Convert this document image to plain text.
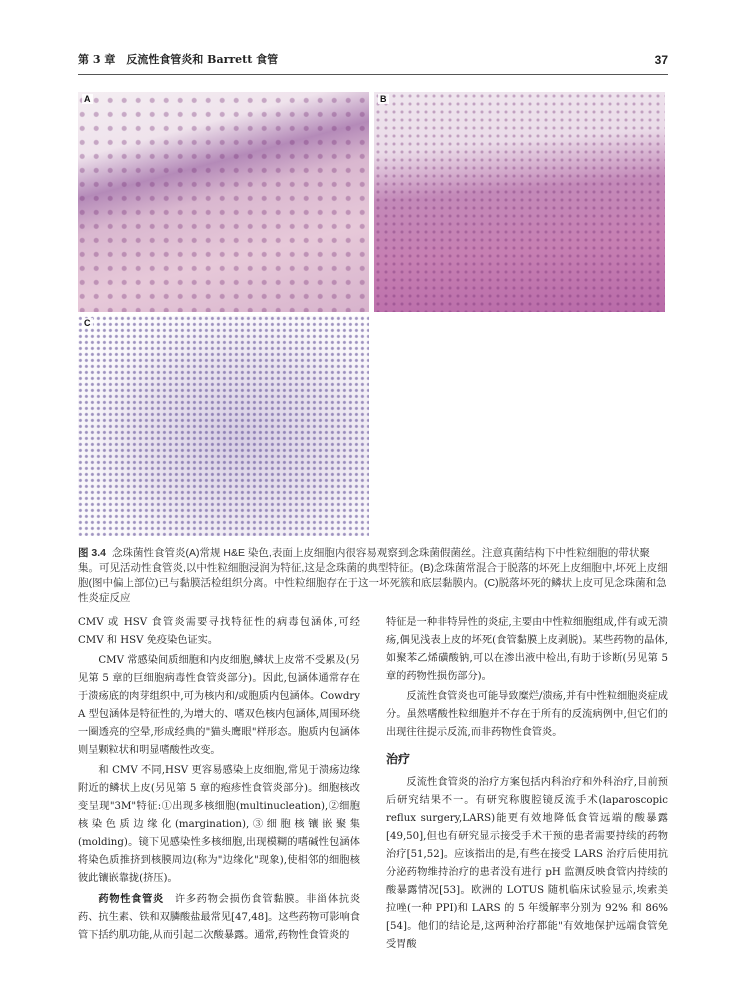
第 3 章　反流性食管炎和 Barrett 食管	37
A	B
C
图 3.4 念珠菌性食管炎(A)常规 H&E 染色,表面上皮细胞内很容易观察到念珠菌假菌丝。注意真菌结构下中性粒细胞的带状聚集。可见活动性食管炎,以中性粒细胞浸润为特征,这是念珠菌的典型特征。(B)念珠菌常混合于脱落的坏死上皮细胞中,坏死上皮细胞(图中偏上部位)已与黏膜活检组织分离。中性粒细胞存在于这一坏死簇和底层黏膜内。(C)脱落坏死的鳞状上皮可见念珠菌和急性炎症反应

CMV 或 HSV 食管炎需要寻找特征性的病毒包涵体,可经 CMV 和 HSV 免疫染色证实。

CMV 常感染间质细胞和内皮细胞,鳞状上皮常不受累及(另见第 5 章的巨细胞病毒性食管炎部分)。因此,包涵体通常存在于溃疡底的肉芽组织中,可为核内和/或胞质内包涵体。Cowdry A 型包涵体是特征性的,为增大的、嗜双色核内包涵体,周围环绕一圈透亮的空晕,形成经典的"猫头鹰眼"样形态。胞质内包涵体则呈颗粒状和明显嗜酸性改变。

和 CMV 不同,HSV 更容易感染上皮细胞,常见于溃疡边缘附近的鳞状上皮(另见第 5 章的疱疹性食管炎部分)。细胞核改变呈现"3M"特征:①出现多核细胞(multinucleation),②细胞核染色质边缘化(margination),③细胞核镶嵌聚集(molding)。镜下见感染性多核细胞,出现模糊的嗜碱性包涵体将染色质推挤到核膜周边(称为"边缘化"现象),使相邻的细胞核彼此镶嵌靠拢(挤压)。

药物性食管炎　许多药物会损伤食管黏膜。非甾体抗炎药、抗生素、铁和双膦酸盐最常见[47,48]。这些药物可影响食管下括约肌功能,从而引起二次酸暴露。通常,药物性食管炎的

特征是一种非特异性的炎症,主要由中性粒细胞组成,伴有或无溃疡,偶见浅表上皮的坏死(食管黏膜上皮剥脱)。某些药物的晶体,如聚苯乙烯磺酸钠,可以在渗出液中检出,有助于诊断(另见第 5 章的药物性损伤部分)。

反流性食管炎也可能导致糜烂/溃疡,并有中性粒细胞炎症成分。虽然嗜酸性粒细胞并不存在于所有的反流病例中,但它们的出现往往提示反流,而非药物性食管炎。

治疗

反流性食管炎的治疗方案包括内科治疗和外科治疗,目前预后研究结果不一。有研究称腹腔镜反流手术(laparoscopic reflux surgery,LARS)能更有效地降低食管远端的酸暴露[49,50],但也有研究显示接受手术干预的患者需要持续的药物治疗[51,52]。应该指出的是,有些在接受 LARS 治疗后使用抗分泌药物维持治疗的患者没有进行 pH 监测反映食管内持续的酸暴露情况[53]。欧洲的 LOTUS 随机临床试验显示,埃索美拉唑(一种 PPI)和 LARS 的 5 年缓解率分别为 92% 和 86%[54]。他们的结论是,这两种治疗都能"有效地保护远端食管免受胃酸
